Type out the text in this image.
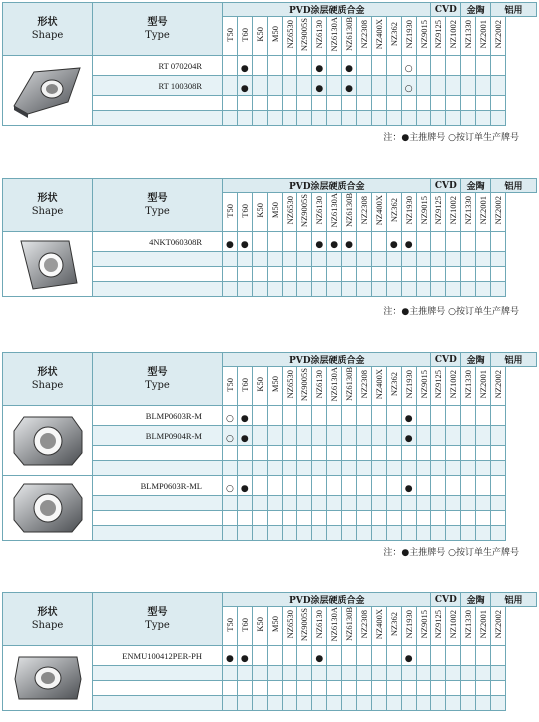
形状
Shape	型号
Type	PVD涂层硬质合金														CVD		金陶		铝用
		T50	T60	K50	M50	NZ6530	NZ9005S	NZ6130	NZ6130A	NZ6130B	NZ2308	NZ400X	NZ362	NZ1930	NZ9015	NZ9125	NZ1002	NZ1330	NZ2001	NZ2002

	RT 070204R		●					●		●				○						
	RT 100308R		●					●		●				○						

注：●主推牌号 ○按订单生产牌号
形状
Shape	型号
Type	PVD涂层硬质合金														CVD		金陶		铝用
		T50	T60	K50	M50	NZ6530	NZ9005S	NZ6130	NZ6130A	NZ6130B	NZ2308	NZ400X	NZ362	NZ1930	NZ9015	NZ9125	NZ1002	NZ1330	NZ2001	NZ2002

	4NKT060308R	●	●					●	●	●			●	●						

注：●主推牌号 ○按订单生产牌号
形状
Shape	型号
Type	PVD涂层硬质合金														CVD		金陶		铝用
		T50	T60	K50	M50	NZ6530	NZ9005S	NZ6130	NZ6130A	NZ6130B	NZ2308	NZ400X	NZ362	NZ1930	NZ9015	NZ9125	NZ1002	NZ1330	NZ2001	NZ2002

	BLMP0603R-M	○	●											●						
	BLMP0904R-M	○	●											●						

	BLMP0603R-ML	○	●											●						

注：●主推牌号 ○按订单生产牌号
形状
Shape	型号
Type	PVD涂层硬质合金														CVD		金陶		铝用
		T50	T60	K50	M50	NZ6530	NZ9005S	NZ6130	NZ6130A	NZ6130B	NZ2308	NZ400X	NZ362	NZ1930	NZ9015	NZ9125	NZ1002	NZ1330	NZ2001	NZ2002

	ENMU100412PER-PH	●	●					●						●						
